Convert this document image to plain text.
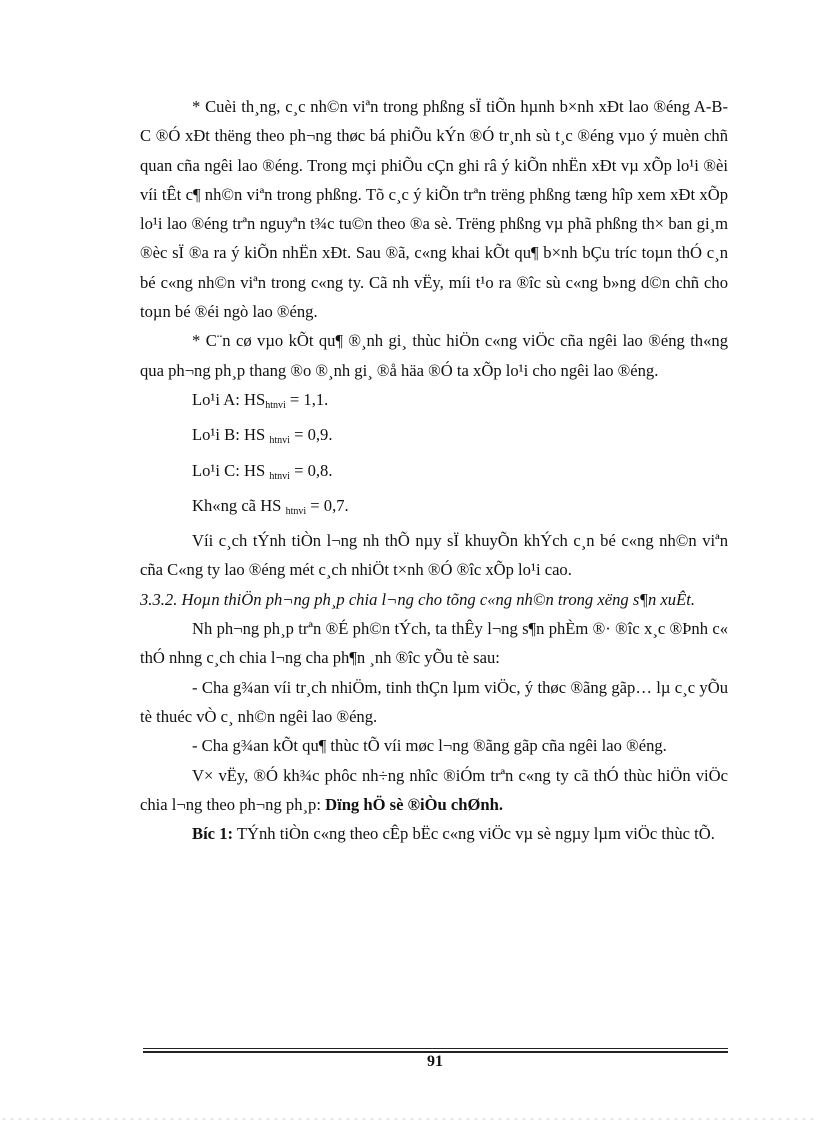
* Cuèi th¸ng, c¸c nh©n viªn trong phßng sÏ tiÕn hµnh b×nh xÐt lao ®éng A-B-C ®Ó xÐt thëng theo ph¬ng thøc bá phiÕu kÝn ®Ó tr¸nh sù t¸c ®éng vµo ý muèn chñ quan cña ngêi lao ®éng. Trong mçi phiÕu cÇn ghi râ ý kiÕn nhËn xÐt vµ xÕp lo¹i ®èi víi tÊt c¶ nh©n viªn trong phßng. Tõ c¸c ý kiÕn trªn trëng phßng tæng hîp xem xÐt xÕp lo¹i lao ®éng trªn nguyªn t¾c tu©n theo ®a sè. Trëng phßng vµ phã phßng th× ban gi¸m ®èc sÏ ®a ra ý kiÕn nhËn xÐt. Sau ®ã, c«ng khai kÕt qu¶ b×nh bÇu tríc toµn thÓ c¸n bé c«ng nh©n viªn trong c«ng ty. Cã nh vËy, míi t¹o ra ®îc sù c«ng b»ng d©n chñ cho toµn bé ®éi ngò lao ®éng.

* C¨n cø vµo kÕt qu¶ ®¸nh gi¸ thùc hiÖn c«ng viÖc cña ngêi lao ®éng th«ng qua ph¬ng ph¸p thang ®o ®¸nh gi¸ ®å häa ®Ó ta xÕp lo¹i cho ngêi lao ®éng.

Lo¹i A: $HS_{htnvi} = 1,1$.

Lo¹i B: HS $_{htnvi}$ = 0,9.

Lo¹i C: HS $_{htnvi}$ = 0,8.

Kh«ng cã HS $_{htnvi}$ = 0,7.

Víi c¸ch tÝnh tiÒn l¬ng nh thÕ nµy sÏ khuyÕn khÝch c¸n bé c«ng nh©n viªn cña C«ng ty lao ®éng mét c¸ch nhiÖt t×nh ®Ó ®îc xÕp lo¹i cao.

3.3.2. Hoµn thiÖn ph¬ng ph¸p chia l¬ng cho tõng c«ng nh©n trong xëng s¶n xuÊt.

Nh ph¬ng ph¸p trªn ®É ph©n tÝch, ta thÊy l¬ng s¶n phÈm ®· ®îc x¸c ®Þnh c« thÓ nhng c¸ch chia l¬ng cha ph¶n ¸nh ®îc yÕu tè sau:

- Cha g¾an víi tr¸ch nhiÖm, tinh thÇn lµm viÖc, ý thøc ®ãng gãp… lµ c¸c yÕu tè thuéc vÒ c¸ nh©n ngêi lao ®éng.

- Cha g¾an kÕt qu¶ thùc tÕ víi møc l¬ng ®ãng gãp cña ngêi lao ®éng.

V× vËy, ®Ó kh¾c phôc nh÷ng nhîc ®iÓm trªn c«ng ty cã thÓ thùc hiÖn viÖc chia l¬ng theo ph¬ng ph¸p: Dïng hÖ sè ®iÒu chØnh.

Bíc 1: TÝnh tiÒn c«ng theo cÊp bËc c«ng viÖc vµ sè ngµy lµm viÖc thùc tÕ.

91
